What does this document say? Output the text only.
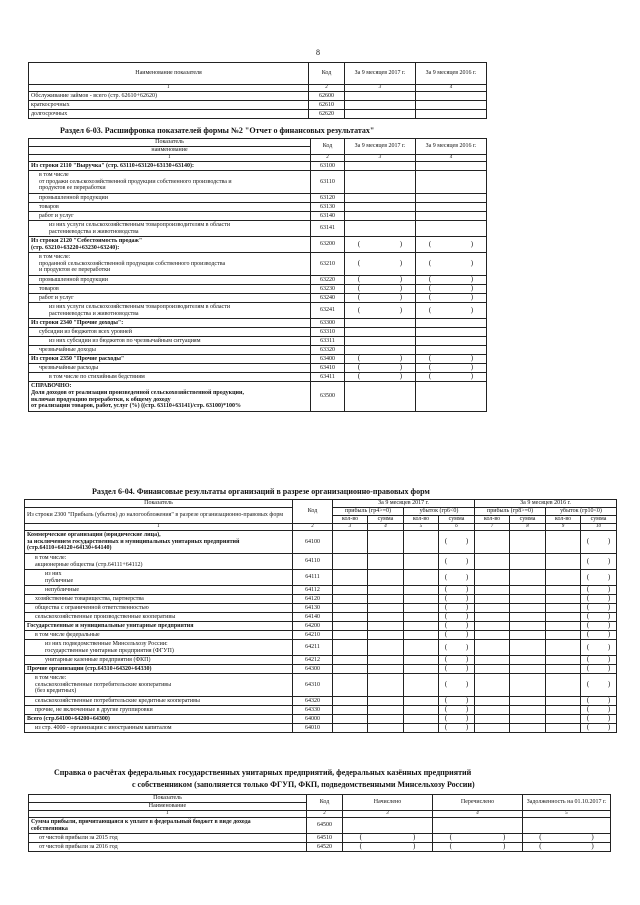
8
Наименование показателя	Код	За 9 месяцев 2017 г.	За 9 месяцев 2016 г.
1	2	3	4
Обслуживание займов - всего (стр. 62610+62620)	62600		
краткосрочных	62610		
долгосрочных	62620		
Раздел 6-03. Расшифровка показателей формы №2 "Отчет о финансовых результатах"
Показатель	Код	За 9 месяцев 2017 г.	За 9 месяцев 2016 г.
наименование			
1	2	3	4
Из строки 2110 "Выручка" (стр. 63110+63120+63130+63140):	63100		
в том числе
от продажи сельскохозяйственной продукции собственного производства и
продуктов ее переработки	63110		
промышленной продукции	63120		
товаров	63130		
работ и услуг	63140		
из них услуги сельскохозяйственным товаропроизводителям в области
растениеводства и животноводства	63141		
Из строки 2120 "Себестоимость продаж"
(стр. 63210+63220+63230+63240):	63200	( )	( )
в том числе:
проданной сельскохозяйственной продукции собственного производства
и продуктов ее переработки	63210	( )	( )
промышленной продукции	63220	( )	( )
товаров	63230	( )	( )
работ и услуг	63240	( )	( )
из них услуги сельскохозяйственным товаропроизводителям в области
растениеводства и животноводства	63241	( )	( )
Из строки 2340 "Прочие доходы":	63300		
субсидии из бюджетов всех уровней	63310		
из них субсидии из бюджетов по чрезвычайным ситуациям	63311		
чрезвычайные доходы	63320		
Из строки 2350 "Прочие расходы"	63400	( )	( )
чрезвычайные расходы	63410	( )	( )
в том числе по стихийным бедствиям	63411	( )	( )
СПРАВОЧНО:
Доля доходов от реализации произведенной сельскохозяйственной продукции,
включая продукцию переработки, к общему доходу
от реализации товаров, работ, услуг (%) ((стр. 63110+63141)/стр. 63100)*100%	63500		
Раздел 6-04. Финансовые результаты организаций в разрезе организационно-правовых форм
Показатель	Код	За 9 месяцев 2017 г.				За 9 месяцев 2016 г.			
Из строки 2300 "Прибыль (убыток) до налогообложения" в разрезе организационно-правовых форм		прибыль (гр4>=0)		убыток (гр6<0)		прибыль (гр8>=0)		убыток (гр10<0)	
		кол-во	сумма	кол-во	сумма	кол-во	сумма	кол-во	сумма
1	2	3	4	5	6	7	8	9	10
Коммерческие организации (юридические лица),
за исключением государственных и муниципальных унитарных предприятий
(стр.64110+64120+64130+64140)	64100				( )				( )
в том числе:
акционерные общества (стр.64111+64112)	64110				( )				( )
из них
публичные	64111				( )				( )
непубличные	64112				( )				( )
хозяйственные товарищества, партнерства	64120				( )				( )
общества с ограниченной ответственностью	64130				( )				( )
сельскохозяйственные производственные кооперативы	64140				( )				( )
Государственные и муниципальные унитарные предприятия	64200				( )				( )
в том числе федеральные	64210				( )				( )
из них подведомственные Минсельхозу России:
государственные унитарные предприятия (ФГУП)	64211				( )				( )
унитарные казенные предприятия (ФКП)	64212				( )				( )
Прочие организации (стр.64310+64320+64330)	64300				( )				( )
в том числе:
сельскохозяйственные потребительские кооперативы
(без кредитных)	64310				( )				( )
сельскохозяйственные потребительские кредитные кооперативы	64320				( )				( )
прочие, не включенные в другие группировки	64330				( )				( )
Всего (стр.64100+64200+64300)	64000				( )				( )
из стр. 4000 - организации с иностранным капиталом	64010				( )				( )
Справка о расчётах федеральных государственных унитарных предприятий, федеральных казённых предприятий
с собственником (заполняется только ФГУП, ФКП, подведомственными Минсельхозу России)
Показатель	Код	Начислено	Перечислено	Задолженность на 01.10.2017 г.
Наименование				
1	2	3	4	5
Сумма прибыли, причитающаяся к уплате в федеральный бюджет в виде дохода
собственника	64500			
от чистой прибыли за 2015 год	64510	( )	( )	( )
от чистой прибыли за 2016 год	64520	( )	( )	( )
